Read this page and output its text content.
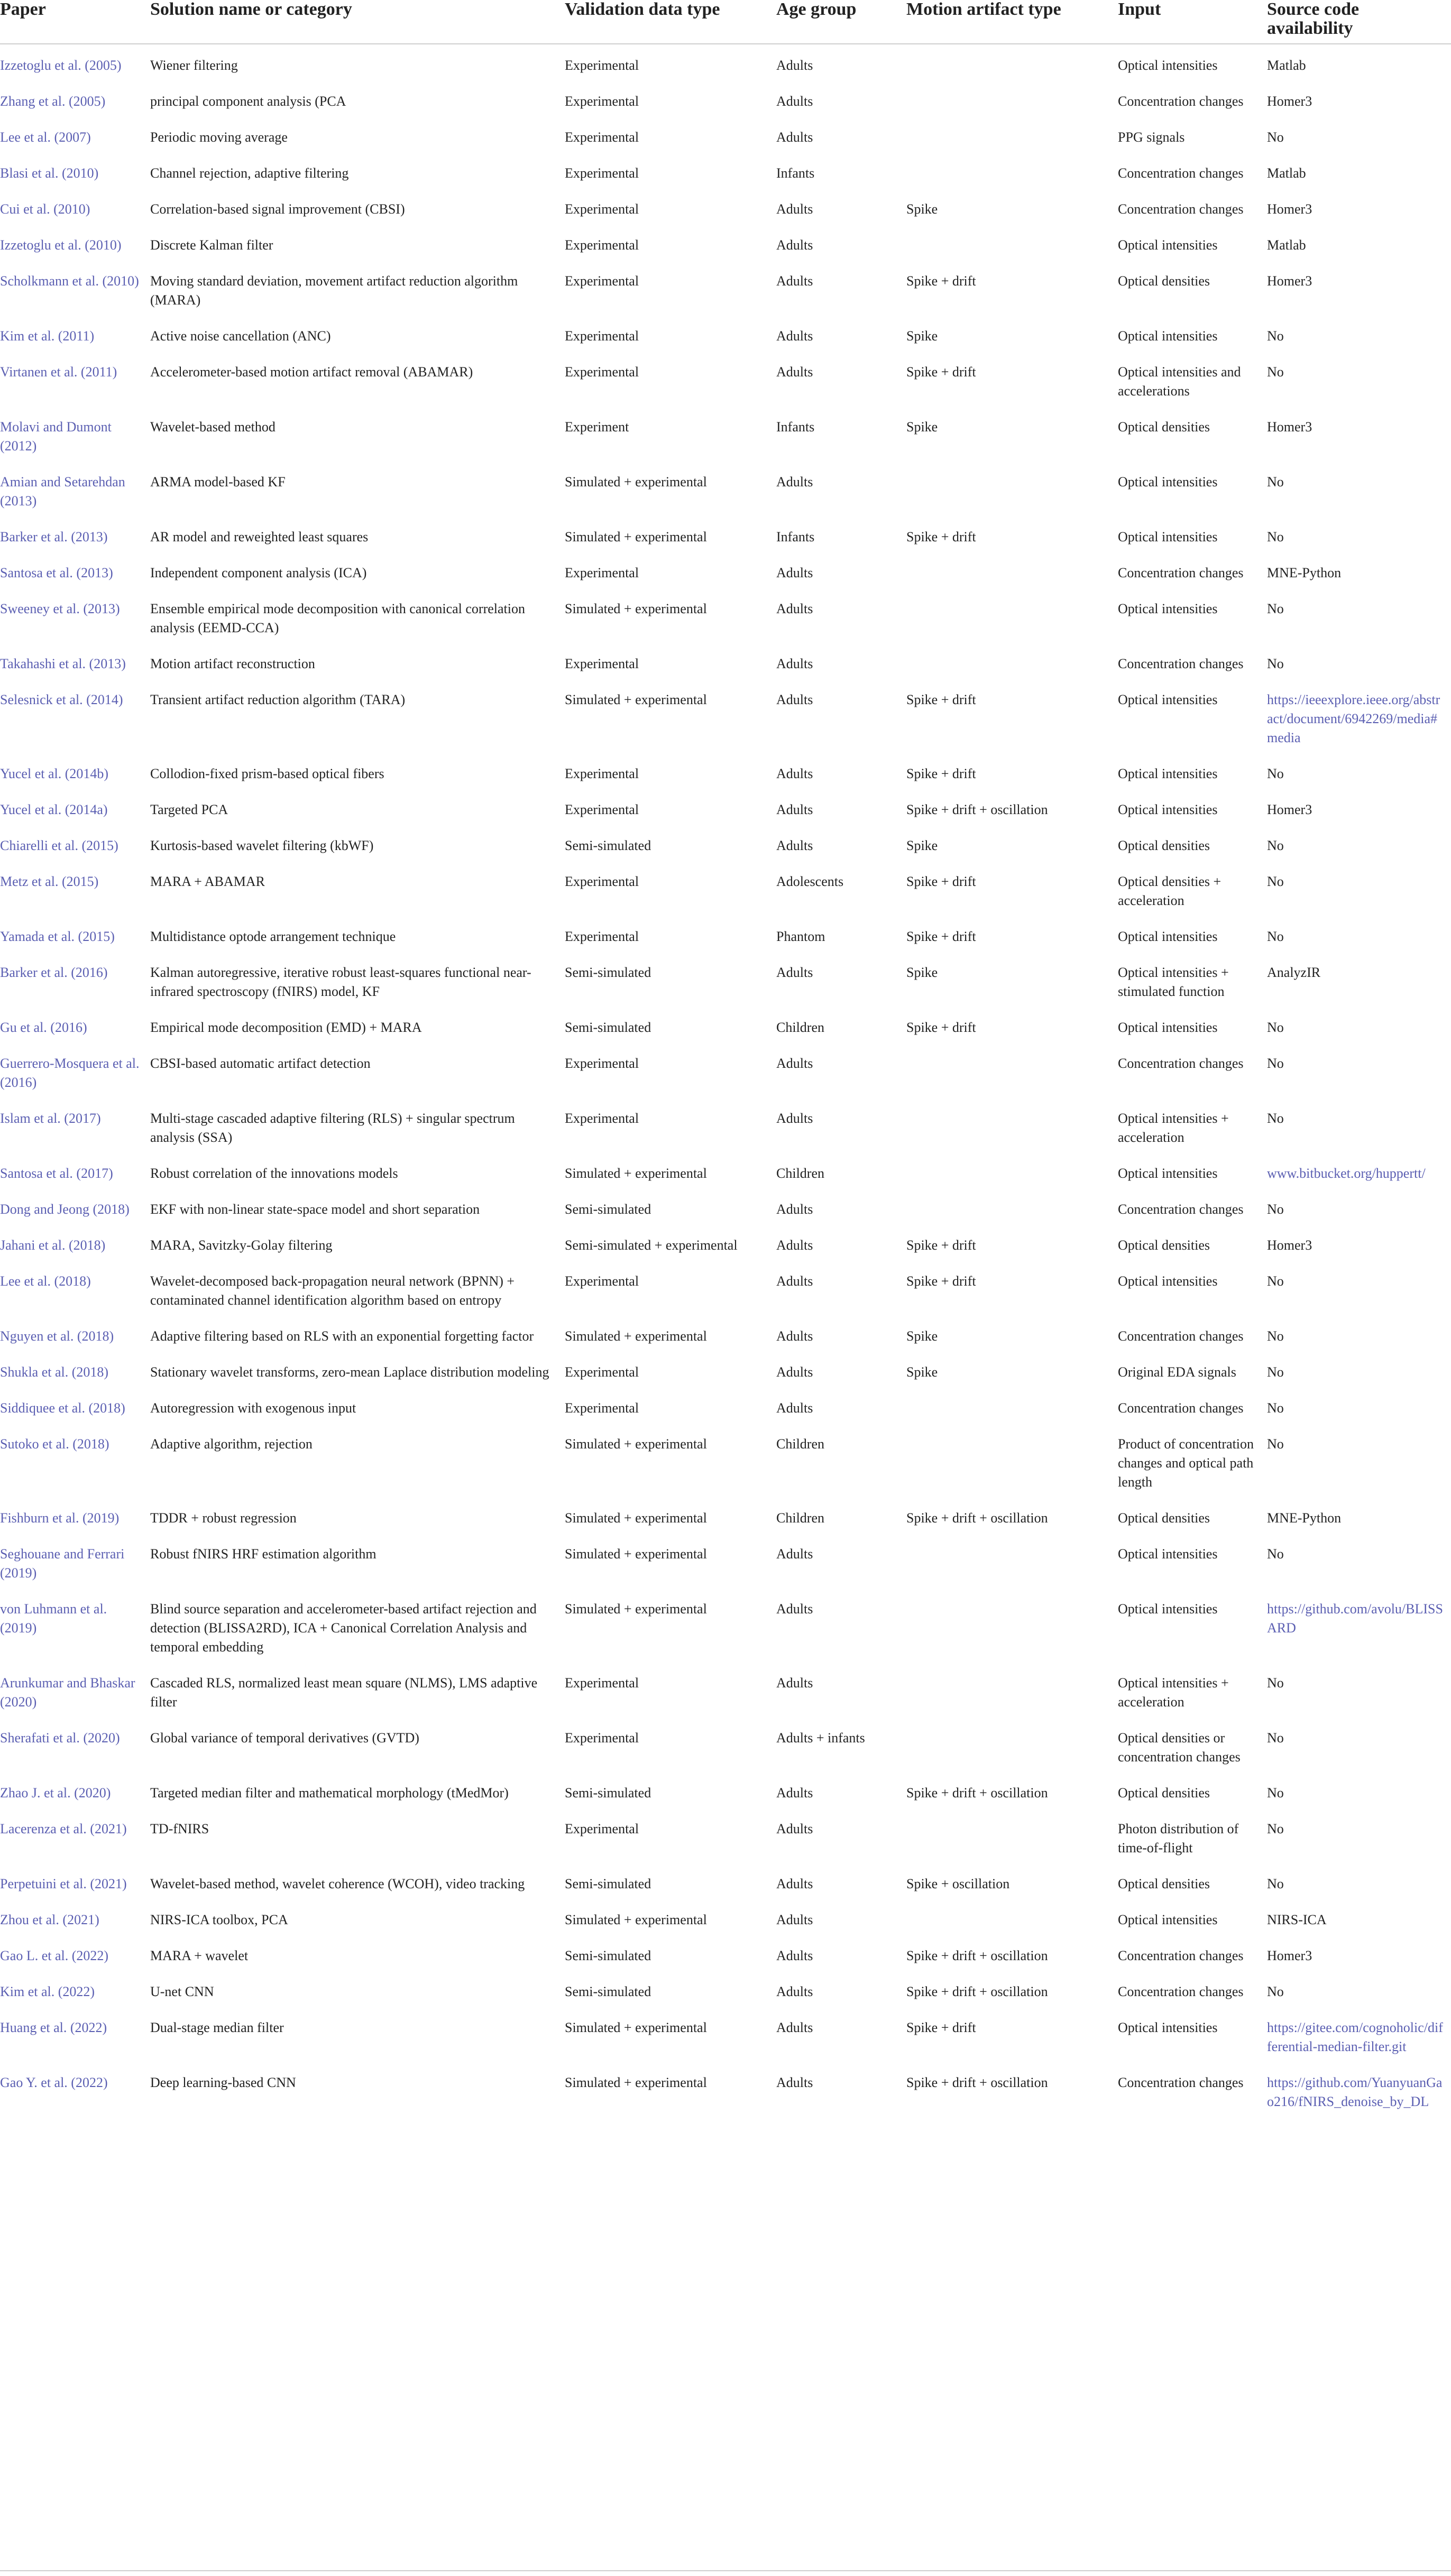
Paper	Solution name or category	Validation data type	Age group	Motion artifact type	Input	Source code availability
Izzetoglu et al. (2005)	Wiener filtering	Experimental	Adults		Optical intensities	Matlab
Zhang et al. (2005)	principal component analysis (PCA	Experimental	Adults		Concentration changes	Homer3
Lee et al. (2007)	Periodic moving average	Experimental	Adults		PPG signals	No
Blasi et al. (2010)	Channel rejection, adaptive filtering	Experimental	Infants		Concentration changes	Matlab
Cui et al. (2010)	Correlation-based signal improvement (CBSI)	Experimental	Adults	Spike	Concentration changes	Homer3
Izzetoglu et al. (2010)	Discrete Kalman filter	Experimental	Adults		Optical intensities	Matlab
Scholkmann et al. (2010)	Moving standard deviation, movement artifact reduction algorithm (MARA)	Experimental	Adults	Spike + drift	Optical densities	Homer3
Kim et al. (2011)	Active noise cancellation (ANC)	Experimental	Adults	Spike	Optical intensities	No
Virtanen et al. (2011)	Accelerometer-based motion artifact removal (ABAMAR)	Experimental	Adults	Spike + drift	Optical intensities and accelerations	No
Molavi and Dumont (2012)	Wavelet-based method	Experiment	Infants	Spike	Optical densities	Homer3
Amian and Setarehdan (2013)	ARMA model-based KF	Simulated + experimental	Adults		Optical intensities	No
Barker et al. (2013)	AR model and reweighted least squares	Simulated + experimental	Infants	Spike + drift	Optical intensities	No
Santosa et al. (2013)	Independent component analysis (ICA)	Experimental	Adults		Concentration changes	MNE-Python
Sweeney et al. (2013)	Ensemble empirical mode decomposition with canonical correlation analysis (EEMD-CCA)	Simulated + experimental	Adults		Optical intensities	No
Takahashi et al. (2013)	Motion artifact reconstruction	Experimental	Adults		Concentration changes	No
Selesnick et al. (2014)	Transient artifact reduction algorithm (TARA)	Simulated + experimental	Adults	Spike + drift	Optical intensities	https://ieeexplore.ieee.org/abstract/document/6942269/media#media
Yucel et al. (2014b)	Collodion-fixed prism-based optical fibers	Experimental	Adults	Spike + drift	Optical intensities	No
Yucel et al. (2014a)	Targeted PCA	Experimental	Adults	Spike + drift + oscillation	Optical intensities	Homer3
Chiarelli et al. (2015)	Kurtosis-based wavelet filtering (kbWF)	Semi-simulated	Adults	Spike	Optical densities	No
Metz et al. (2015)	MARA + ABAMAR	Experimental	Adolescents	Spike + drift	Optical densities + acceleration	No
Yamada et al. (2015)	Multidistance optode arrangement technique	Experimental	Phantom	Spike + drift	Optical intensities	No
Barker et al. (2016)	Kalman autoregressive, iterative robust least-squares functional near-infrared spectroscopy (fNIRS) model, KF	Semi-simulated	Adults	Spike	Optical intensities + stimulated function	AnalyzIR
Gu et al. (2016)	Empirical mode decomposition (EMD) + MARA	Semi-simulated	Children	Spike + drift	Optical intensities	No
Guerrero-Mosquera et al. (2016)	CBSI-based automatic artifact detection	Experimental	Adults		Concentration changes	No
Islam et al. (2017)	Multi-stage cascaded adaptive filtering (RLS) + singular spectrum analysis (SSA)	Experimental	Adults		Optical intensities + acceleration	No
Santosa et al. (2017)	Robust correlation of the innovations models	Simulated + experimental	Children		Optical intensities	www.bitbucket.org/huppertt/
Dong and Jeong (2018)	EKF with non-linear state-space model and short separation	Semi-simulated	Adults		Concentration changes	No
Jahani et al. (2018)	MARA, Savitzky-Golay filtering	Semi-simulated + experimental	Adults	Spike + drift	Optical densities	Homer3
Lee et al. (2018)	Wavelet-decomposed back-propagation neural network (BPNN) + contaminated channel identification algorithm based on entropy	Experimental	Adults	Spike + drift	Optical intensities	No
Nguyen et al. (2018)	Adaptive filtering based on RLS with an exponential forgetting factor	Simulated + experimental	Adults	Spike	Concentration changes	No
Shukla et al. (2018)	Stationary wavelet transforms, zero-mean Laplace distribution modeling	Experimental	Adults	Spike	Original EDA signals	No
Siddiquee et al. (2018)	Autoregression with exogenous input	Experimental	Adults		Concentration changes	No
Sutoko et al. (2018)	Adaptive algorithm, rejection	Simulated + experimental	Children		Product of concentration changes and optical path length	No
Fishburn et al. (2019)	TDDR + robust regression	Simulated + experimental	Children	Spike + drift + oscillation	Optical densities	MNE-Python
Seghouane and Ferrari (2019)	Robust fNIRS HRF estimation algorithm	Simulated + experimental	Adults		Optical intensities	No
von Luhmann et al. (2019)	Blind source separation and accelerometer-based artifact rejection and detection (BLISSA2RD), ICA + Canonical Correlation Analysis and temporal embedding	Simulated + experimental	Adults		Optical intensities	https://github.com/avolu/BLISSARD
Arunkumar and Bhaskar (2020)	Cascaded RLS, normalized least mean square (NLMS), LMS adaptive filter	Experimental	Adults		Optical intensities + acceleration	No
Sherafati et al. (2020)	Global variance of temporal derivatives (GVTD)	Experimental	Adults + infants		Optical densities or concentration changes	No
Zhao J. et al. (2020)	Targeted median filter and mathematical morphology (tMedMor)	Semi-simulated	Adults	Spike + drift + oscillation	Optical densities	No
Lacerenza et al. (2021)	TD-fNIRS	Experimental	Adults		Photon distribution of time-of-flight	No
Perpetuini et al. (2021)	Wavelet-based method, wavelet coherence (WCOH), video tracking	Semi-simulated	Adults	Spike + oscillation	Optical densities	No
Zhou et al. (2021)	NIRS-ICA toolbox, PCA	Simulated + experimental	Adults		Optical intensities	NIRS-ICA
Gao L. et al. (2022)	MARA + wavelet	Semi-simulated	Adults	Spike + drift + oscillation	Concentration changes	Homer3
Kim et al. (2022)	U-net CNN	Semi-simulated	Adults	Spike + drift + oscillation	Concentration changes	No
Huang et al. (2022)	Dual-stage median filter	Simulated + experimental	Adults	Spike + drift	Optical intensities	https://gitee.com/cognoholic/differential-median-filter.git
Gao Y. et al. (2022)	Deep learning-based CNN	Simulated + experimental	Adults	Spike + drift + oscillation	Concentration changes	https://github.com/YuanyuanGao216/fNIRS_denoise_by_DL
